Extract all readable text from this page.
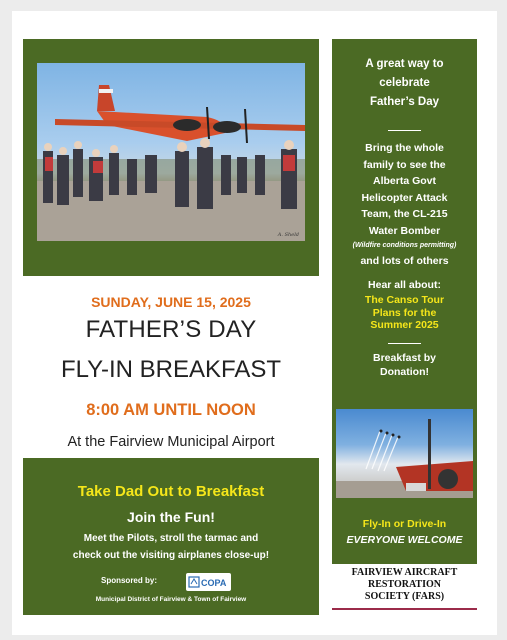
A. Sheld
A great way to
celebrate
Father’s Day
Bring the whole
family to see the
Alberta Govt
Helicopter Attack
Team, the CL-215
Water Bomber
(Wildfire conditions permitting)
and lots of others
Hear all about:
The Canso Tour
Plans for the
Summer 2025
Breakfast by
Donation!
Fly-In or Drive-In
EVERYONE WELCOME
FAIRVIEW AIRCRAFT
RESTORATION
SOCIETY (FARS)
SUNDAY, JUNE 15, 2025
FATHER’S DAY
FLY-IN BREAKFAST
8:00 AM UNTIL NOON
At the Fairview Municipal Airport
Take Dad Out to Breakfast
Join the Fun!
Meet the Pilots, stroll the tarmac and
check out the visiting airplanes close-up!
Sponsored by:	COPA
Municipal District of Fairview & Town of Fairview
